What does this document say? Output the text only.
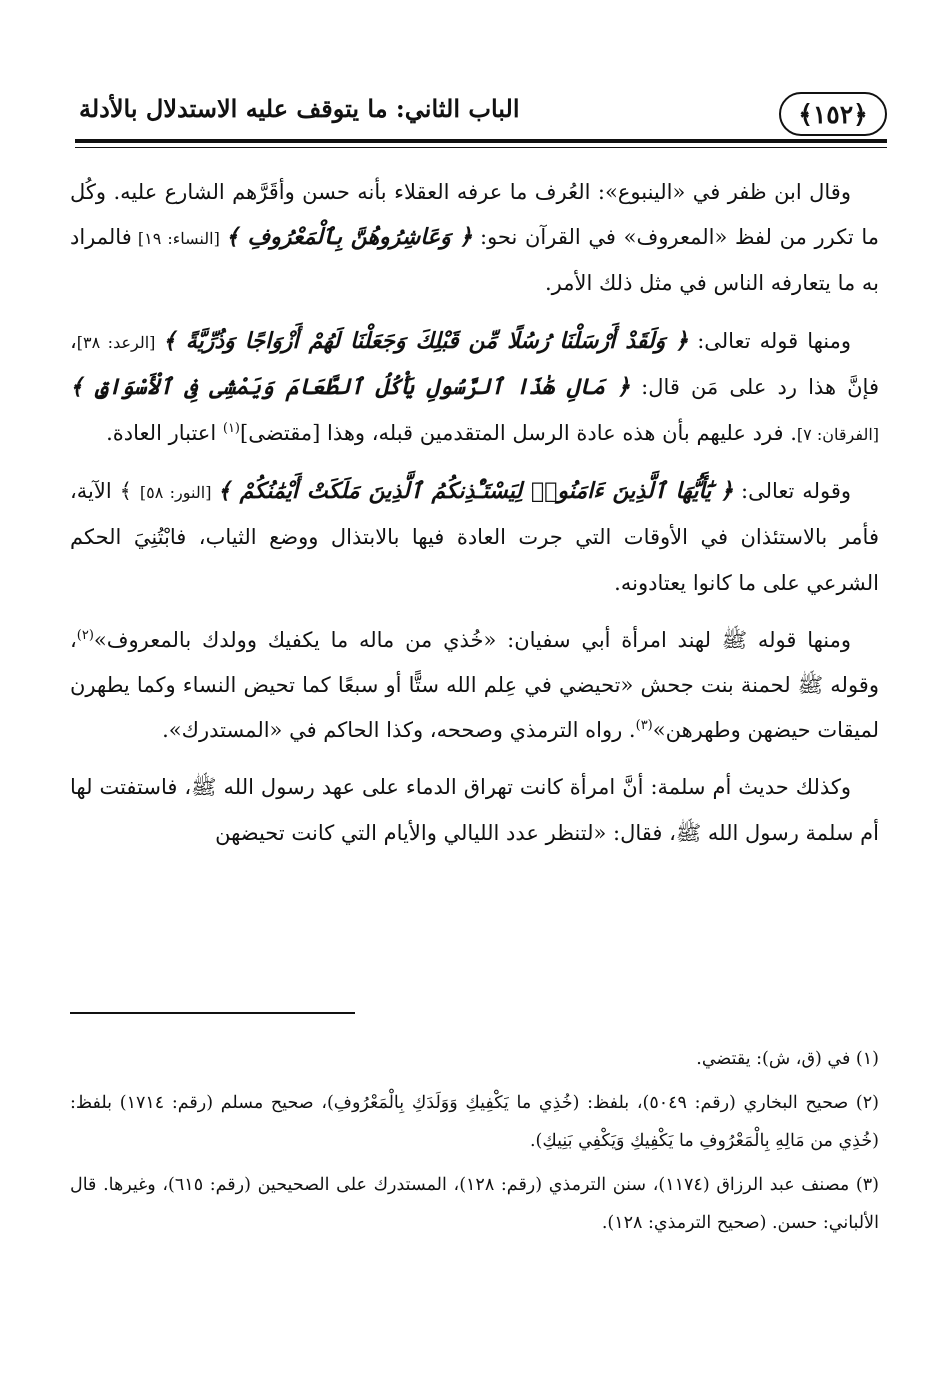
﴿١٥٢﴾
الباب الثاني: ما يتوقف عليه الاستدلال بالأدلة

وقال ابن ظفر في «الينبوع»: العُرف ما عرفه العقلاء بأنه حسن وأقَرَّهم الشارع عليه. وكُل ما تكرر من لفظ «المعروف» في القرآن نحو: ﴿ وَعَاشِرُوهُنَّ بِٱلْمَعْرُوفِ ﴾ [النساء: ١٩] فالمراد به ما يتعارفه الناس في مثل ذلك الأمر.

ومنها قوله تعالى: ﴿ وَلَقَدْ أَرْسَلْنَا رُسُلًا مِّن قَبْلِكَ وَجَعَلْنَا لَهُمْ أَزْوَاجًا وَذُرِّيَّةً ﴾ [الرعد: ٣٨]، فإنَّ هذا رد على مَن قال: ﴿ مَالِ هَٰذَا ٱلرَّسُولِ يَأْكُلُ ٱلطَّعَامَ وَيَمْشِى فِى ٱلْأَسْوَاقِ ﴾ [الفرقان: ٧]. فرد عليهم بأن هذه عادة الرسل المتقدمين قبله، وهذا [مقتضى]$^{(١)}$ اعتبار العادة.

وقوله تعالى: ﴿ يَٰٓأَيُّهَا ٱلَّذِينَ ءَامَنُوا۟ لِيَسْتَـْٔذِنكُمُ ٱلَّذِينَ مَلَكَتْ أَيْمَٰنُكُمْ ﴾ [النور: ٥٨] ﴾ الآية، فأمر بالاستئذان في الأوقات التي جرت العادة فيها بالابتذال ووضع الثياب، فابْتُنِيَ الحكم الشرعي على ما كانوا يعتادونه.

ومنها قوله ﷺ لهند امرأة أبي سفيان: «خُذي من ماله ما يكفيك وولدك بالمعروف»$^{(٢)}$، وقوله ﷺ لحمنة بنت جحش «تحيضي في عِلم الله ستًّا أو سبعًا كما تحيض النساء وكما يطهرن لميقات حيضهن وطهرهن»$^{(٣)}$. رواه الترمذي وصححه، وكذا الحاكم في «المستدرك».

وكذلك حديث أم سلمة: أنَّ امرأة كانت تهراق الدماء على عهد رسول الله ﷺ، فاستفتت لها أم سلمة رسول الله ﷺ، فقال: «لتنظر عدد الليالي والأيام التي كانت تحيضهن

(١) في (ق، ش): يقتضي.

(٢) صحيح البخاري (رقم: ٥٠٤٩)، بلفظ: (خُذِي ما يَكْفِيكِ وَوَلَدَكِ بِالْمَعْرُوفِ)، صحيح مسلم (رقم: ١٧١٤) بلفظ: (خُذِي من مَالِهِ بِالْمَعْرُوفِ ما يَكْفِيكِ وَيَكْفِي بَنِيكِ).

(٣) مصنف عبد الرزاق (١١٧٤)، سنن الترمذي (رقم: ١٢٨)، المستدرك على الصحيحين (رقم: ٦١٥)، وغيرها. قال الألباني: حسن. (صحيح الترمذي: ١٢٨).
